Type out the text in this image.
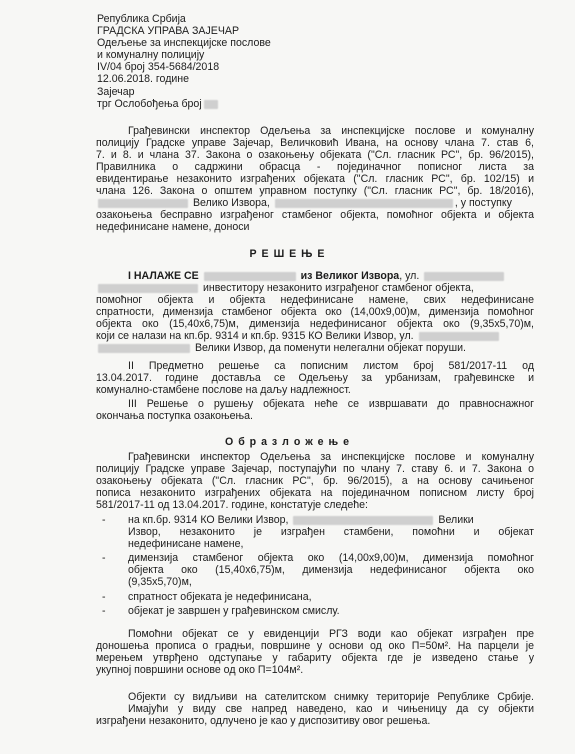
Република Србија
ГРАДСКА УПРАВА ЗАЈЕЧАР
Одељење за инспекцијске послове
и комуналну полицију
IV/04 број 354-5684/2018
12.06.2018. године
Зајечар
трг Ослобођења број
Грађевински инспектор Одељења за инспекцијске послове и комуналну
полицију Градске управе Зајечар, Величковић Ивана, на основу члана 7. став 6,
7. и 8. и члана 37. Закона о озакоњењу објеката ("Сл. гласник РС", бр. 96/2015),
Правилника о садржини обрасца - појединачног пописног листа за
евидентирање незаконито изграђених објеката ("Сл. гласник РС", бр. 102/15) и
члана 126. Закона о општем управном поступку ("Сл. гласник РС", бр. 18/2016),
Велико Извора,	, у поступку
озакоњења бесправно изграђеног стамбеног објекта, помоћног објекта и објекта
недефинисане намене, доноси
Р Е Ш Е Њ Е
I НАЛАЖЕ СЕ	из Великог Извора, ул.
инвеститору незаконито изграђеног стамбеног објекта,
помоћног објекта и објекта недефинисане намене, свих недефинисане
спратности, димензија стамбеног објекта око (14,00x9,00)м, димензија помоћног
објекта око (15,40x6,75)м, димензија недефинисаног објекта око (9,35x5,70)м,
који се налази на кп.бр. 9314 и кп.бр. 9315 КО Велики Извор, ул.
Велики Извор, да поменути нелегални објекат поруши.
II Предметно решење са пописним листом број 581/2017-11 од
13.04.2017. године доставља се Одељењу за урбанизам, грађевинске и
комунално-стамбене послове на даљу надлежност.
III Решење о рушењу објеката неће се извршавати до правноснажног
окончања поступка озакоњења.
О б р а з л о ж е њ е
Грађевински инспектор Одељења за инспекцијске послове и комуналну
полицију Градске управе Зајечар, поступајући по члану 7. ставу 6. и 7. Закона о
озакоњењу објеката ("Сл. гласник РС", бр. 96/2015), а на основу сачињеног
пописа незаконито изграђених објеката на појединачном пописном листу број
581/2017-11 од 13.04.2017. године, констатује следеће:
- на кп.бр. 9314 КО Велики Извор,	Велики
Извор, незаконито је изграђен стамбени, помоћни и објекат
недефинисане намене,
- димензија стамбеног објекта око (14,00x9,00)м, димензија помоћног
објекта око (15,40x6,75)м, димензија недефинисаног објекта око
(9,35x5,70)м,
- спратност објеката је недефинисана,
- објекат је завршен у грађевинском смислу.
Помоћни објекат се у евиденцији РГЗ води као објекат изграђен пре
доношења прописа о градњи, површине у основи од око П=50м². На парцели је
мерењем утврђено одступање у габариту објекта где је изведено стање у
укупној површини основе од око П=104м².
Објекти су видљиви на сателитском снимку територије Републике Србије.
Имајући у виду све напред наведено, као и чињеницу да су објекти
изграђени незаконито, одлучено је као у диспозитиву овог решења.
